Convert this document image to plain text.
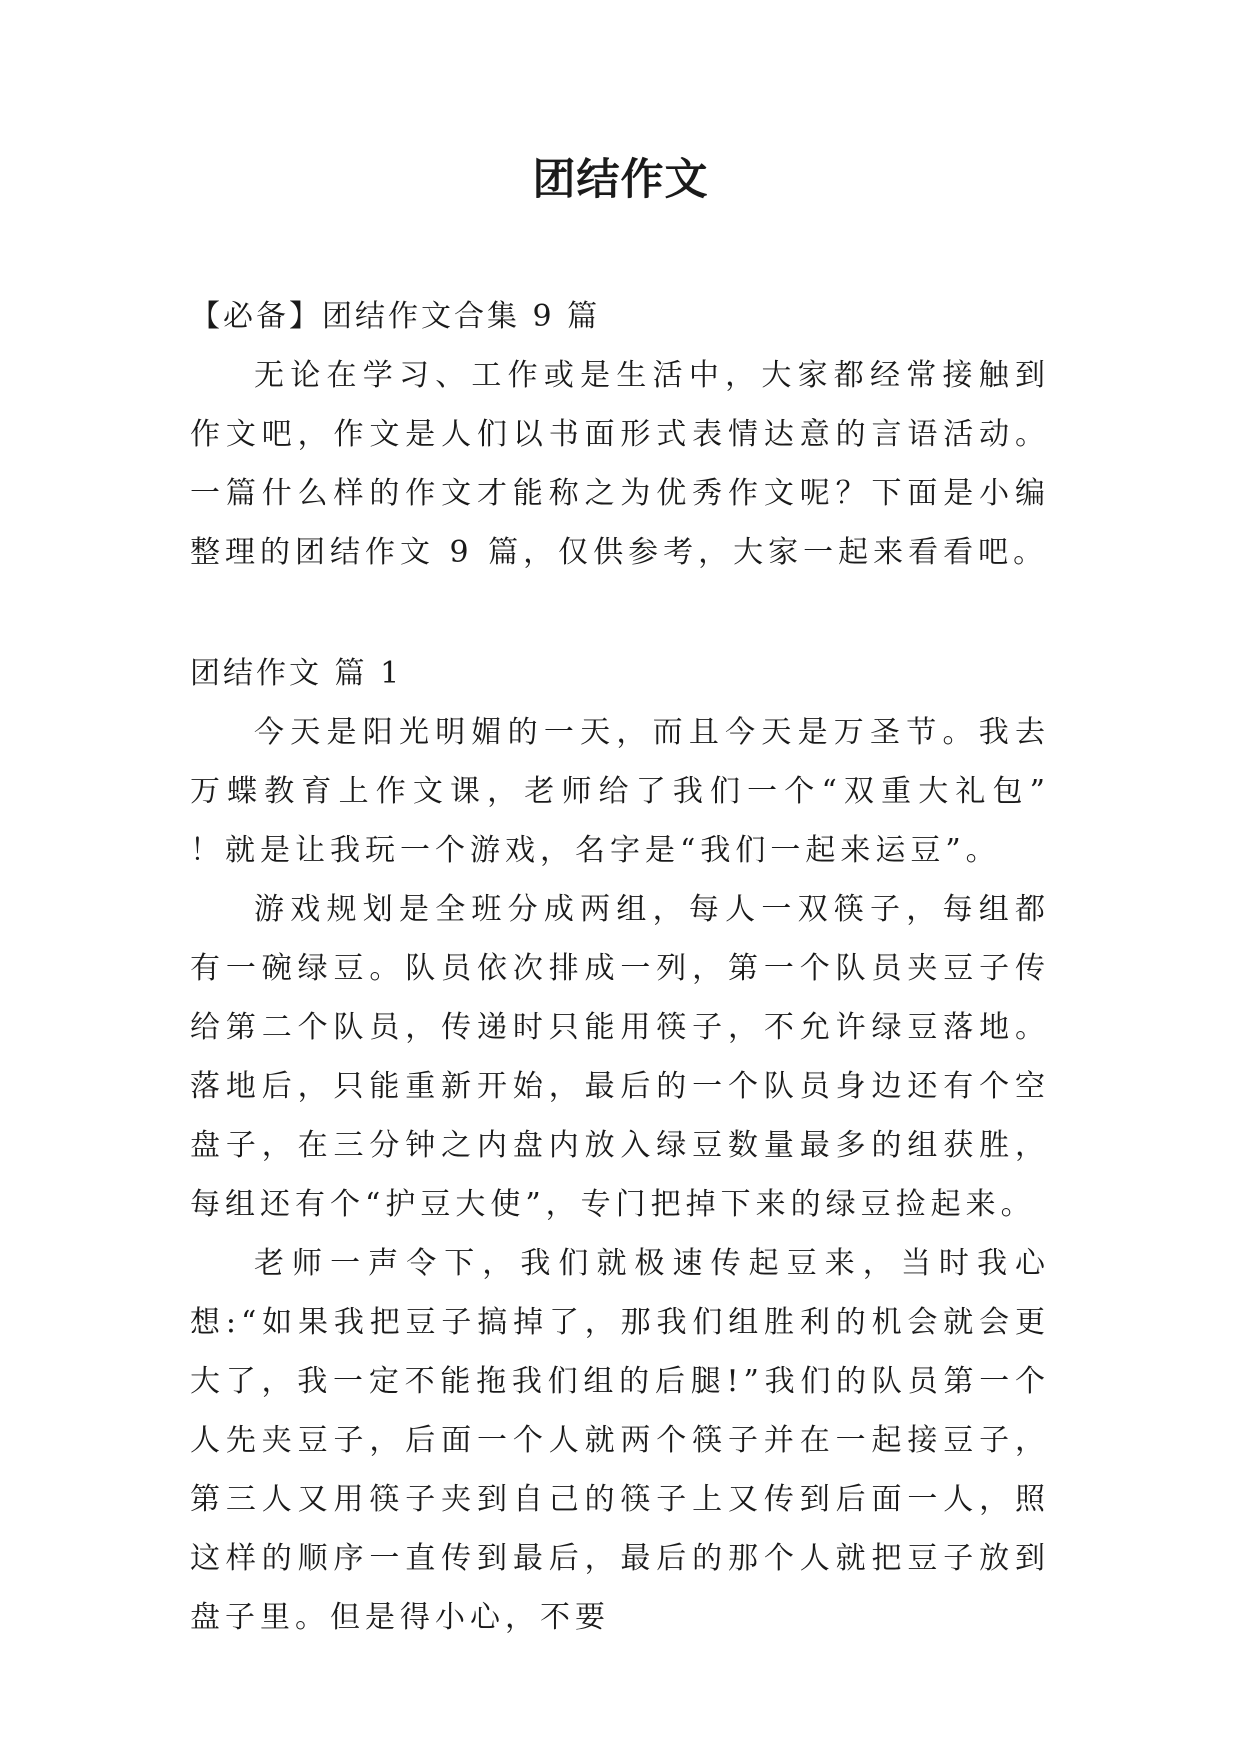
团结作文

【必备】团结作文合集 9 篇

无论在学习、工作或是生活中，大家都经常接触到作文吧，作文是人们以书面形式表情达意的言语活动。一篇什么样的作文才能称之为优秀作文呢？下面是小编整理的团结作文 9 篇，仅供参考，大家一起来看看吧。

团结作文 篇 1

今天是阳光明媚的一天，而且今天是万圣节。我去万蝶教育上作文课，老师给了我们一个“双重大礼包” ！就是让我玩一个游戏，名字是“我们一起来运豆”。

游戏规划是全班分成两组，每人一双筷子，每组都有一碗绿豆。队员依次排成一列，第一个队员夹豆子传给第二个队员，传递时只能用筷子，不允许绿豆落地。落地后，只能重新开始，最后的一个队员身边还有个空盘子，在三分钟之内盘内放入绿豆数量最多的组获胜，每组还有个“护豆大使”，专门把掉下来的绿豆捡起来。

老师一声令下，我们就极速传起豆来，当时我心想:“如果我把豆子搞掉了，那我们组胜利的机会就会更大了，我一定不能拖我们组的后腿!”我们的队员第一个人先夹豆子，后面一个人就两个筷子并在一起接豆子，第三人又用筷子夹到自己的筷子上又传到后面一人，照这样的顺序一直传到最后，最后的那个人就把豆子放到盘子里。但是得小心，不要
